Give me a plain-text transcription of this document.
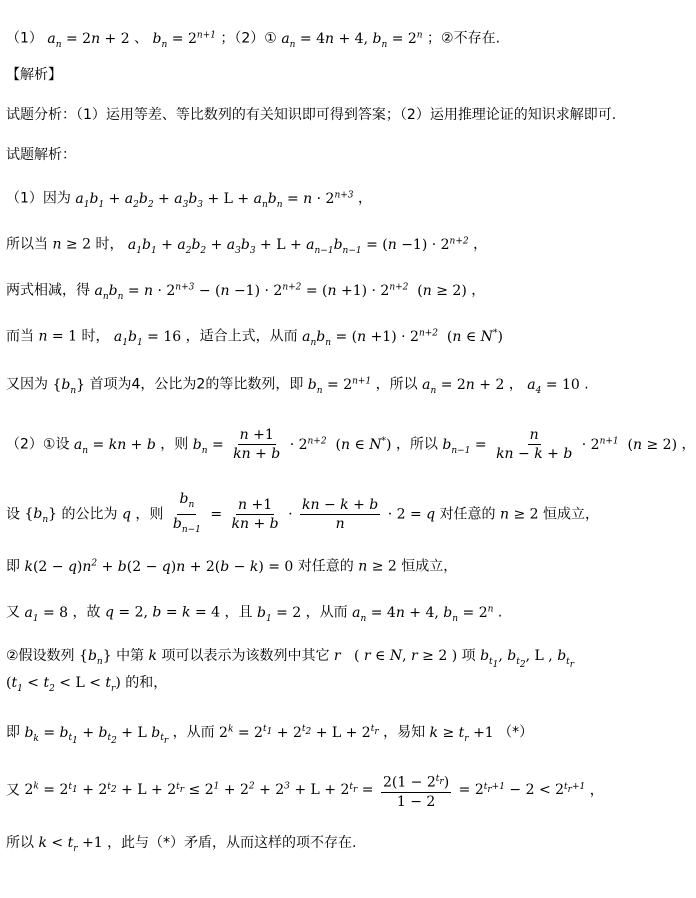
（1） $a_n = 2n + 2$ 、 $b_n = 2^{n+1}$ ；（2）① $a_n = 4n + 4$, $b_n = 2^n$ ；②不存在.
【解析】
试题分析：（1）运用等差、等比数列的有关知识即可得到答案；（2）运用推理论证的知识求解即可.
试题解析：
（1）因为 $a_1b_1 + a_2b_2 + a_3b_3 + L + a_nb_n = n \cdot 2^{n+3}$ ，
所以当 n ≥ 2 时， $a_1b_1 + a_2b_2 + a_3b_3 + L + a_{n-1}b_{n-1} = (n -1) \cdot 2^{n+2}$ ，
两式相减，得 $a_nb_n = n \cdot 2^{n+3} - (n -1) \cdot 2^{n+2} = (n +1) \cdot 2^{n+2}$  (n ≥ 2) ，
而当 n = 1 时， $a_1b_1 = 16$ ，适合上式，从而 $a_nb_n = (n +1) \cdot 2^{n+2}$  (n ∈ N*)
又因为 $\{b_n\}$ 首项为4，公比为2的等比数列，即 $b_n = 2^{n+1}$ ，所以 $a_n = 2n + 2$ ， $a_4 = 10$ .
（2）①设 $a_n$ = kn + b ，则 $b_n = \frac{n +1}{kn + b} \cdot 2^{n+2}$  (n ∈ N*) ，所以 $b_{n-1} = \frac{n}{kn - k + b} \cdot 2^{n+1}$  (n ≥ 2) ，
设 $\{b_n\}$ 的公比为 q ，则 $\frac{b_n}{b_{n-1}} = \frac{n +1}{kn + b} \cdot \frac{kn - k + b}{n} \cdot 2 = q$ 对任意的 n ≥ 2 恒成立，
即 $k(2 - q)n^2 + b(2 - q)n + 2(b - k) = 0$ 对任意的 n ≥ 2 恒成立，
又 $a_1 = 8$ ，故 q = 2, b = k = 4 ，且 $b_1 = 2$ ，从而 $a_n = 4n + 4$, $b_n = 2^n$ .
②假设数列 $\{b_n\}$ 中第 k 项可以表示为该数列中其它 r   ( r ∈ N, r ≥ 2 ) 项 $b_{t_1}$, $b_{t_2}$, L , $b_{t_r}$
$(t_1 < t_2 < L < t_r)$ 的和，
即 $b_k = b_{t_1} + b_{t_2} + L$ $b_{t_r}$ ，从而 $2^k = 2^{t_1} + 2^{t_2} + L + 2^{t_r}$ ，易知 $k \ge t_r +1$ （*）
又 $2^k = 2^{t_1} + 2^{t_2} + L + 2^{t_r} \le 2^1 + 2^2 + 2^3 + L + 2^{t_r} = \frac{2(1 - 2^{t_r})}{1 - 2} = 2^{t_r+1} - 2 < 2^{t_r+1}$ ，
所以 $k < t_r +1$ ，此与（*）矛盾，从而这样的项不存在.
